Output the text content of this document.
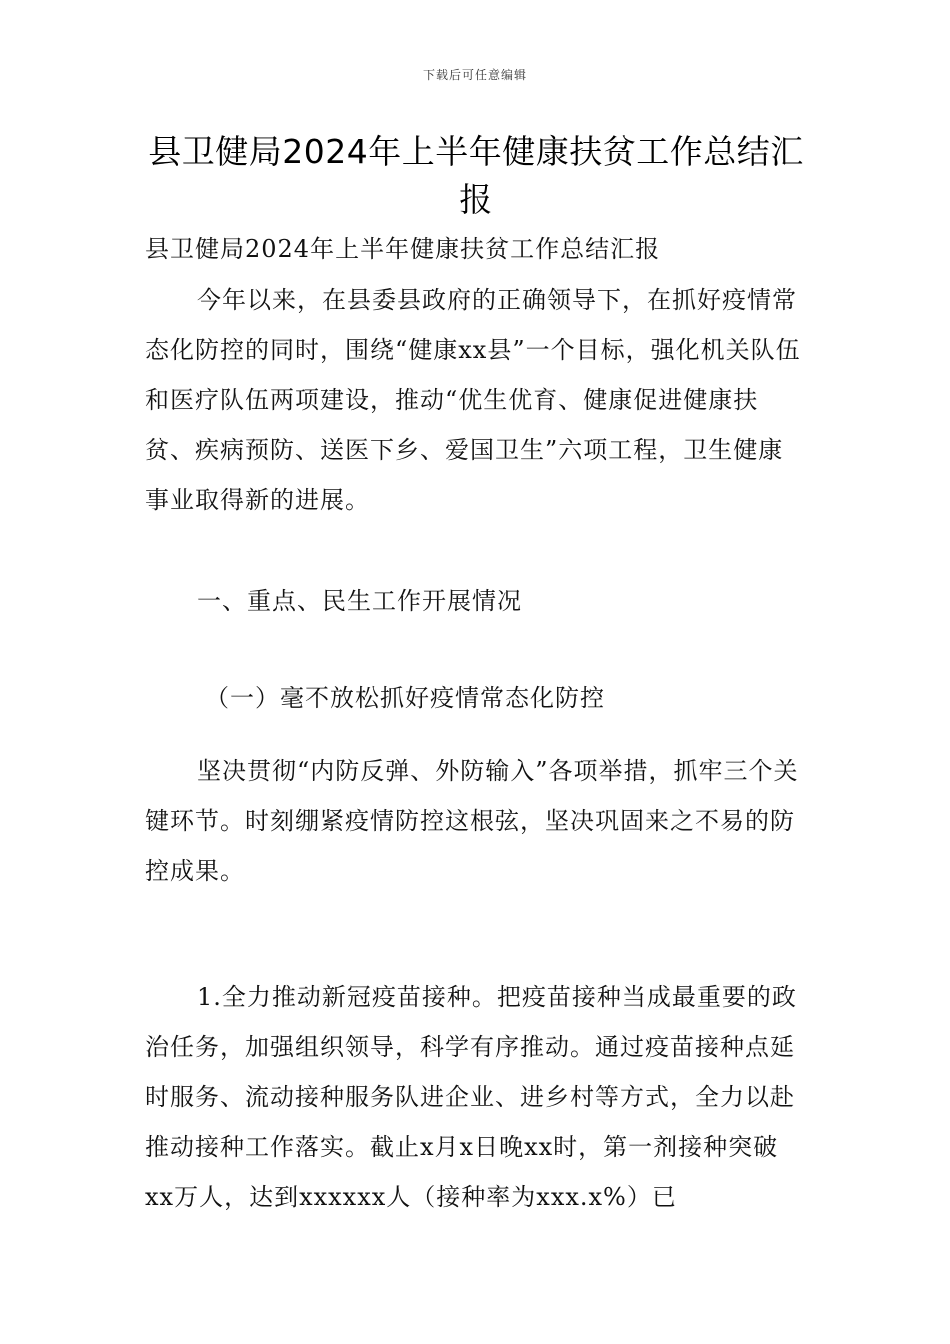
下载后可任意编辑
县卫健局2024年上半年健康扶贫工作总结汇报

县卫健局2024年上半年健康扶贫工作总结汇报

今年以来，在县委县政府的正确领导下，在抓好疫情常态化防控的同时，围绕“健康xx县”一个目标，强化机关队伍和医疗队伍两项建设，推动“优生优育、健康促进健康扶贫、疾病预防、送医下乡、爱国卫生”六项工程，卫生健康事业取得新的进展。

一、重点、民生工作开展情况

（一）毫不放松抓好疫情常态化防控

坚决贯彻“内防反弹、外防输入”各项举措，抓牢三个关键环节。时刻绷紧疫情防控这根弦，坚决巩固来之不易的防控成果。

1.全力推动新冠疫苗接种。把疫苗接种当成最重要的政治任务，加强组织领导，科学有序推动。通过疫苗接种点延时服务、流动接种服务队进企业、进乡村等方式，全力以赴推动接种工作落实。截止x月x日晚xx时，第一剂接种突破xx万人，达到xxxxxx人（接种率为xxx.x%）已
